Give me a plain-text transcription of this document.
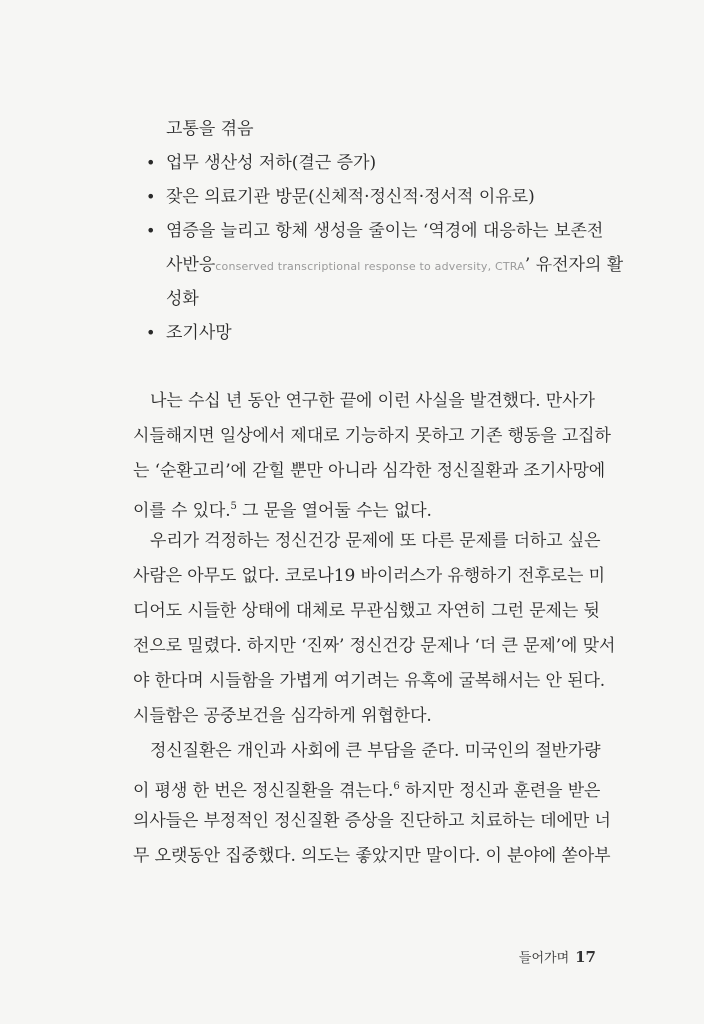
고통을 겪음
• 업무 생산성 저하(결근 증가)
• 잦은 의료기관 방문(신체적·정신적·정서적 이유로)
• 염증을 늘리고 항체 생성을 줄이는 ‘역경에 대응하는 보존전
사반응conserved transcriptional response to adversity, CTRA’ 유전자의 활
성화
• 조기사망
나는 수십 년 동안 연구한 끝에 이런 사실을 발견했다. 만사가
시들해지면 일상에서 제대로 기능하지 못하고 기존 행동을 고집하
는 ‘순환고리’에 갇힐 뿐만 아니라 심각한 정신질환과 조기사망에
이를 수 있다.$^5$ 그 문을 열어둘 수는 없다.
우리가 걱정하는 정신건강 문제에 또 다른 문제를 더하고 싶은
사람은 아무도 없다. 코로나19 바이러스가 유행하기 전후로는 미
디어도 시들한 상태에 대체로 무관심했고 자연히 그런 문제는 뒷
전으로 밀렸다. 하지만 ‘진짜’ 정신건강 문제나 ‘더 큰 문제’에 맞서
야 한다며 시들함을 가볍게 여기려는 유혹에 굴복해서는 안 된다.
시들함은 공중보건을 심각하게 위협한다.
정신질환은 개인과 사회에 큰 부담을 준다. 미국인의 절반가량
이 평생 한 번은 정신질환을 겪는다.$^6$ 하지만 정신과 훈련을 받은
의사들은 부정적인 정신질환 증상을 진단하고 치료하는 데에만 너
무 오랫동안 집중했다. 의도는 좋았지만 말이다. 이 분야에 쏟아부
들어가며 17
